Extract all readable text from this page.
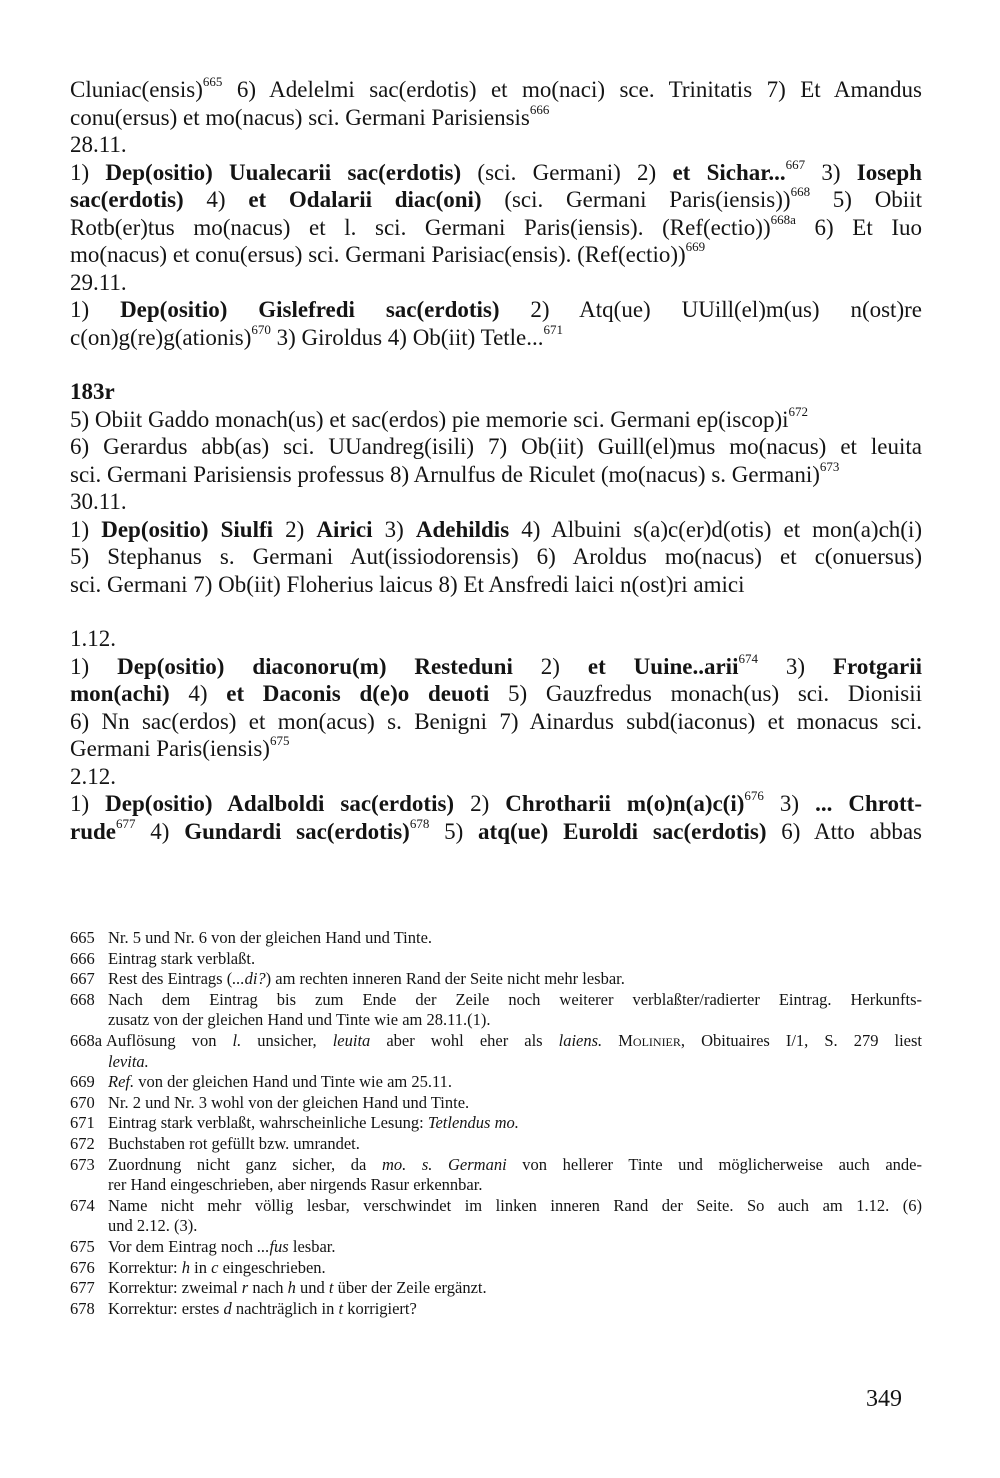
Cluniac(ensis)$^{665}$ 6) Adelelmi sac(erdotis) et mo(naci) sce. Trinitatis 7) Et Amandus
conu(ersus) et mo(nacus) sci. Germani Parisiensis$^{666}$
28.11.
1) Dep(ositio) Uualecarii sac(erdotis) (sci. Germani) 2) et Sichar...$^{667}$ 3) Ioseph
sac(erdotis) 4) et Odalarii diac(oni) (sci. Germani Paris(iensis))$^{668}$ 5) Obiit
Rotb(er)tus mo(nacus) et l. sci. Germani Paris(iensis). (Ref(ectio))$^{668a}$ 6) Et Iuo
mo(nacus) et conu(ersus) sci. Germani Parisiac(ensis). (Ref(ectio))$^{669}$
29.11.
1) Dep(ositio) Gislefredi sac(erdotis) 2) Atq(ue) UUill(el)m(us) n(ost)re
c(on)g(re)g(ationis)$^{670}$ 3) Giroldus 4) Ob(iit) Tetle...$^{671}$
183r
5) Obiit Gaddo monach(us) et sac(erdos) pie memorie sci. Germani $ep(iscop)i^{672}$
6) Gerardus abb(as) sci. UUandreg(isili) 7) Ob(iit) Guill(el)mus mo(nacus) et leuita
sci. Germani Parisiensis professus 8) Arnulfus de Riculet (mo(nacus) s. Germani)$^{673}$
30.11.
1) Dep(ositio) Siulfi 2) Airici 3) Adehildis 4) Albuini s(a)c(er)d(otis) et mon(a)ch(i)
5) Stephanus s. Germani Aut(issiodorensis) 6) Aroldus mo(nacus) et c(onuersus)
sci. Germani 7) Ob(iit) Floherius laicus 8) Et Ansfredi laici n(ost)ri amici
1.12.
1) Dep(ositio) diaconoru(m) Resteduni 2) et Uuine..arii$^{674}$ 3) Frotgarii
mon(achi) 4) et Daconis d(e)o deuoti 5) Gauzfredus monach(us) sci. Dionisii
6) Nn sac(erdos) et mon(acus) s. Benigni 7) Ainardus subd(iaconus) et monacus sci.
Germani Paris(iensis)$^{675}$
2.12.
1) Dep(ositio) Adalboldi sac(erdotis) 2) Chrotharii $m(o)n(a)c(i)^{676}$ 3) ... Chrott-
rude$^{677}$ 4) Gundardi sac(erdotis)$^{678}$ 5) atq(ue) Euroldi sac(erdotis) 6) Atto abbas
665 Nr. 5 und Nr. 6 von der gleichen Hand und Tinte.
666 Eintrag stark verblaßt.
667 Rest des Eintrags (...di?) am rechten inneren Rand der Seite nicht mehr lesbar.
668 Nach dem Eintrag bis zum Ende der Zeile noch weiterer verblaßter/radierter Eintrag. Herkunfts-
zusatz von der gleichen Hand und Tinte wie am 28.11.(1).
668a Auflösung von l. unsicher, leuita aber wohl eher als laiens. Molinier, Obituaires I/1, S. 279 liest
levita.
669 Ref. von der gleichen Hand und Tinte wie am 25.11.
670 Nr. 2 und Nr. 3 wohl von der gleichen Hand und Tinte.
671 Eintrag stark verblaßt, wahrscheinliche Lesung: Tetlendus mo.
672 Buchstaben rot gefüllt bzw. umrandet.
673 Zuordnung nicht ganz sicher, da mo. s. Germani von hellerer Tinte und möglicherweise auch ande-
rer Hand eingeschrieben, aber nirgends Rasur erkennbar.
674 Name nicht mehr völlig lesbar, verschwindet im linken inneren Rand der Seite. So auch am 1.12. (6)
und 2.12. (3).
675 Vor dem Eintrag noch ...fus lesbar.
676 Korrektur: h in c eingeschrieben.
677 Korrektur: zweimal r nach h und t über der Zeile ergänzt.
678 Korrektur: erstes d nachträglich in t korrigiert?
349
